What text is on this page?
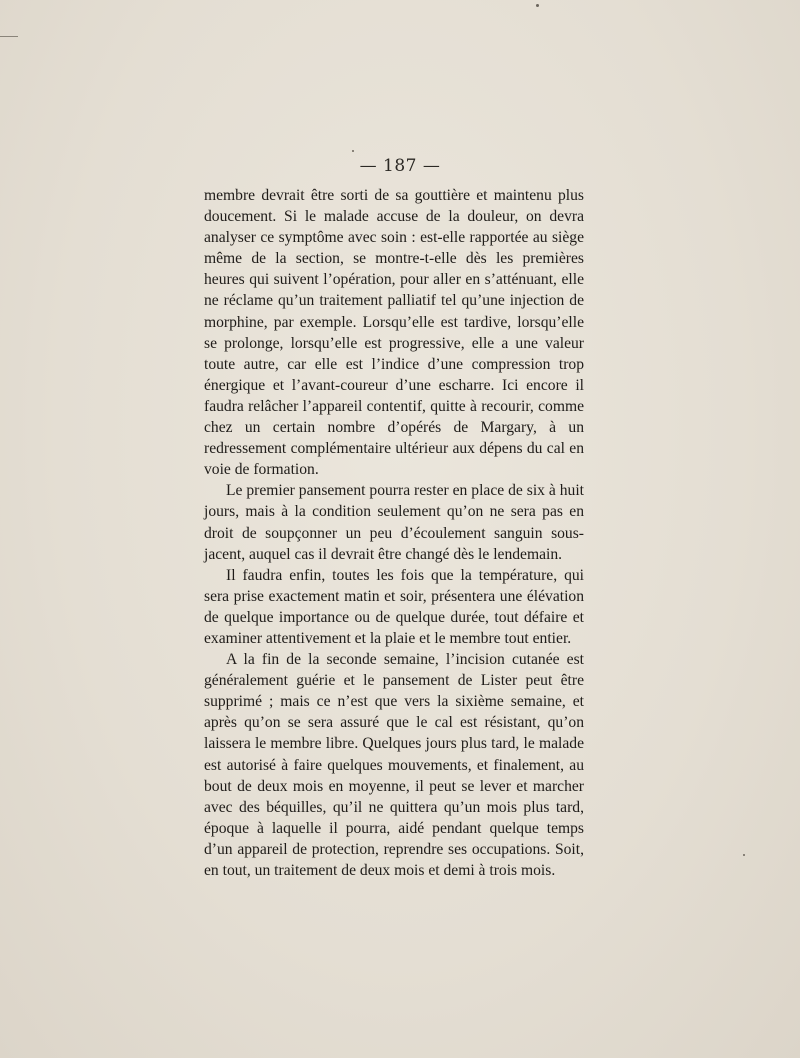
— 187 —

membre devrait être sorti de sa gouttière et maintenu plus doucement. Si le malade accuse de la douleur, on devra analyser ce symptôme avec soin : est-elle rapportée au siège même de la section, se montre-t-elle dès les premières heures qui suivent l’opération, pour aller en s’atténuant, elle ne réclame qu’un traitement palliatif tel qu’une injection de morphine, par exemple. Lorsqu’elle est tardive, lorsqu’elle se prolonge, lorsqu’elle est progressive, elle a une valeur toute autre, car elle est l’indice d’une compression trop énergique et l’avant-coureur d’une escharre. Ici encore il faudra relâcher l’appareil contentif, quitte à recourir, comme chez un certain nombre d’opérés de Margary, à un redressement complémentaire ultérieur aux dépens du cal en voie de formation.

Le premier pansement pourra rester en place de six à huit jours, mais à la condition seulement qu’on ne sera pas en droit de soupçonner un peu d’écoulement sanguin sous-jacent, auquel cas il devrait être changé dès le lendemain.

Il faudra enfin, toutes les fois que la température, qui sera prise exactement matin et soir, présentera une élévation de quelque importance ou de quelque durée, tout défaire et examiner attentivement et la plaie et le membre tout entier.

A la fin de la seconde semaine, l’incision cutanée est généralement guérie et le pansement de Lister peut être supprimé ; mais ce n’est que vers la sixième semaine, et après qu’on se sera assuré que le cal est résistant, qu’on laissera le membre libre. Quelques jours plus tard, le malade est autorisé à faire quelques mouvements, et finalement, au bout de deux mois en moyenne, il peut se lever et marcher avec des béquilles, qu’il ne quittera qu’un mois plus tard, époque à laquelle il pourra, aidé pendant quelque temps d’un appareil de protection, reprendre ses occupations. Soit, en tout, un traitement de deux mois et demi à trois mois.
